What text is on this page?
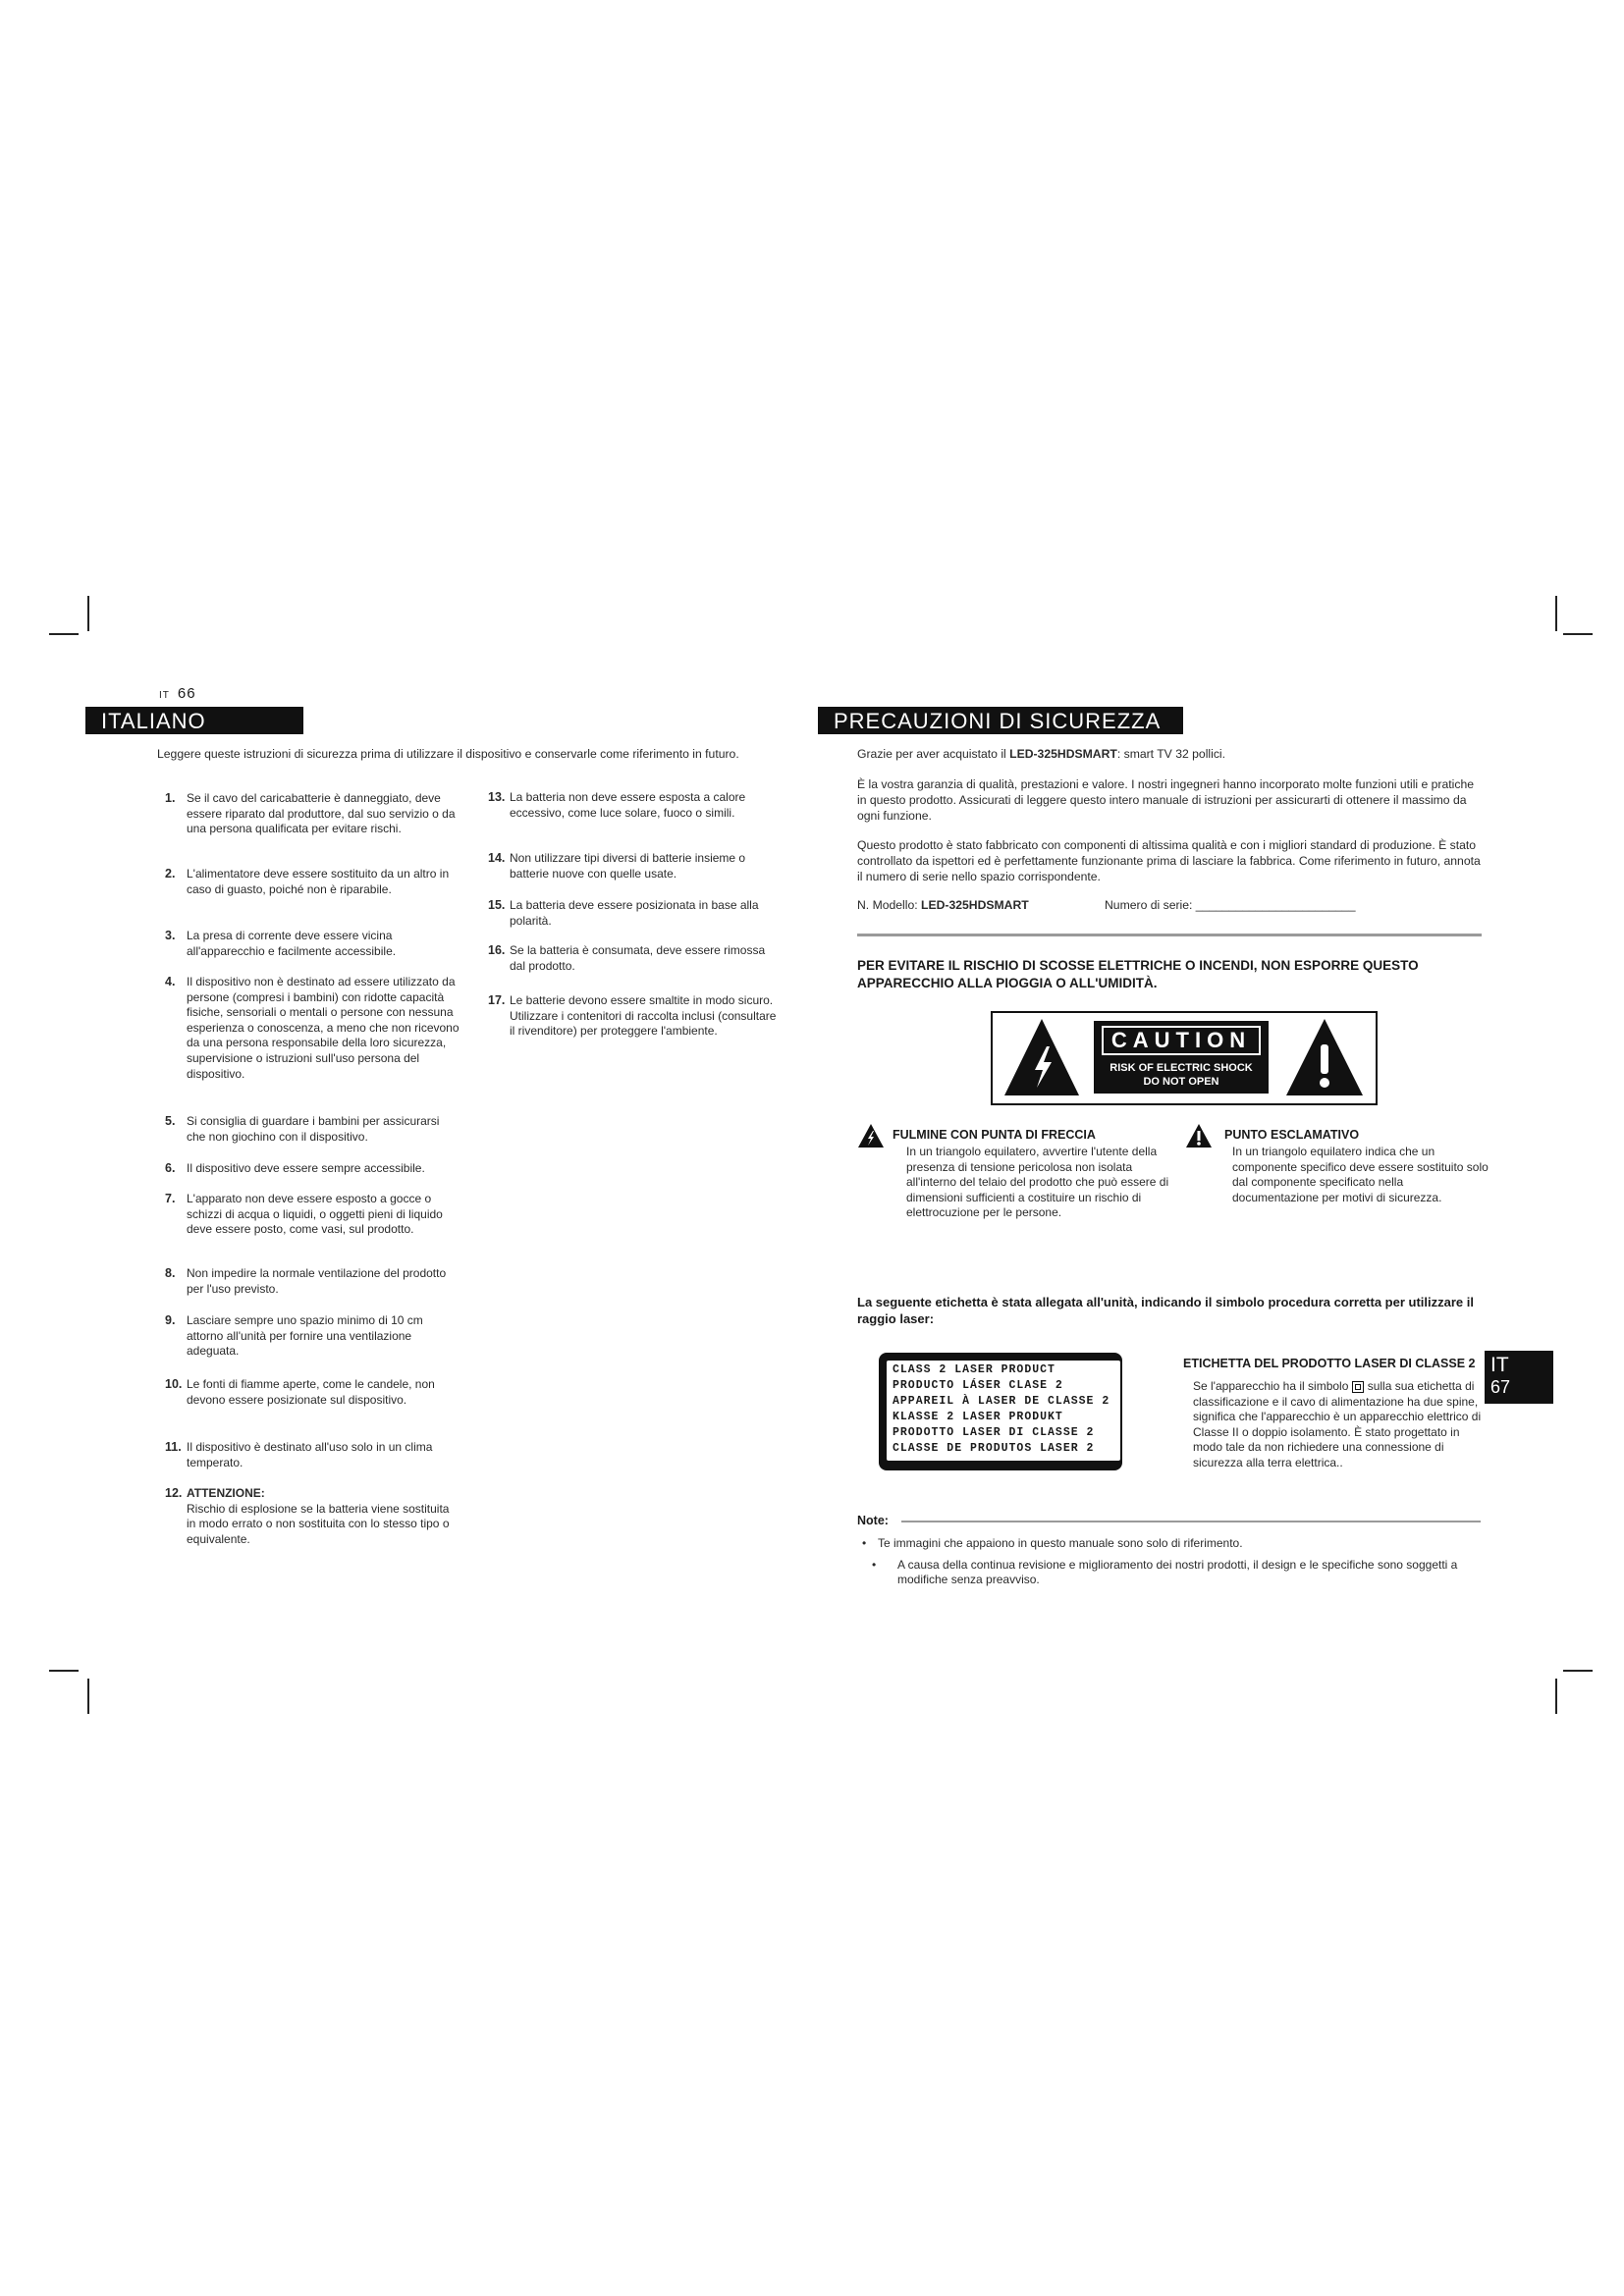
IT 66
ITALIANO
Leggere queste istruzioni di sicurezza prima di utilizzare il dispositivo e conservarle come riferimento in futuro.
1. Se il cavo del caricabatterie è danneggiato, deve essere riparato dal produttore, dal suo servizio o da una persona qualificata per evitare rischi.
2. L'alimentatore deve essere sostituito da un altro in caso di guasto, poiché non è riparabile.
3. La presa di corrente deve essere vicina all'apparecchio e facilmente accessibile.
4. Il dispositivo non è destinato ad essere utilizzato da persone (compresi i bambini) con ridotte capacità fisiche, sensoriali o mentali o persone con nessuna esperienza o conoscenza, a meno che non ricevono da una persona responsabile della loro sicurezza, supervisione o istruzioni sull'uso persona del dispositivo.
5. Si consiglia di guardare i bambini per assicurarsi che non giochino con il dispositivo.
6. Il dispositivo deve essere sempre accessibile.
7. L'apparato non deve essere esposto a gocce o schizzi di acqua o liquidi, o oggetti pieni di liquido deve essere posto, come vasi, sul prodotto.
8. Non impedire la normale ventilazione del prodotto per l'uso previsto.
9. Lasciare sempre uno spazio minimo di 10 cm attorno all'unità per fornire una ventilazione adeguata.
10. Le fonti di fiamme aperte, come le candele, non devono essere posizionate sul dispositivo.
11. Il dispositivo è destinato all'uso solo in un clima temperato.
12. ATTENZIONE:
Rischio di esplosione se la batteria viene sostituita in modo errato o non sostituita con lo stesso tipo o equivalente.
13. La batteria non deve essere esposta a calore eccessivo, come luce solare, fuoco o simili.
14. Non utilizzare tipi diversi di batterie insieme o batterie nuove con quelle usate.
15. La batteria deve essere posizionata in base alla polarità.
16. Se la batteria è consumata, deve essere rimossa dal prodotto.
17. Le batterie devono essere smaltite in modo sicuro. Utilizzare i contenitori di raccolta inclusi (consultare il rivenditore) per proteggere l'ambiente.
PRECAUZIONI DI SICUREZZA
Grazie per aver acquistato il LED-325HDSMART: smart TV 32 pollici.
È la vostra garanzia di qualità, prestazioni e valore. I nostri ingegneri hanno incorporato molte funzioni utili e pratiche in questo prodotto. Assicurati di leggere questo intero manuale di istruzioni per assicurarti di ottenere il massimo da ogni funzione.
Questo prodotto è stato fabbricato con componenti di altissima qualità e con i migliori standard di produzione. È stato controllato da ispettori ed è perfettamente funzionante prima di lasciare la fabbrica. Come riferimento in futuro, annota il numero di serie nello spazio corrispondente.
N. Modello: LED-325HDSMART	Numero di serie: ________________________
PER EVITARE IL RISCHIO DI SCOSSE ELETTRICHE O INCENDI, NON ESPORRE QUESTO APPARECCHIO ALLA PIOGGIA O ALL'UMIDITÀ.
CAUTION
RISK OF ELECTRIC SHOCK
DO NOT OPEN
FULMINE CON PUNTA DI FRECCIA
In un triangolo equilatero, avvertire l'utente della presenza di tensione pericolosa non isolata all'interno del telaio del prodotto che può essere di dimensioni sufficienti a costituire un rischio di elettrocuzione per le persone.
PUNTO ESCLAMATIVO
In un triangolo equilatero indica che un componente specifico deve essere sostituito solo dal componente specificato nella documentazione per motivi di sicurezza.
La seguente etichetta è stata allegata all'unità, indicando il simbolo procedura corretta per utilizzare il raggio laser:
CLASS 2 LASER PRODUCT
PRODUCTO LÁSER CLASE 2
APPAREIL À LASER DE CLASSE 2
KLASSE 2 LASER PRODUKT
PRODOTTO LASER DI CLASSE 2
CLASSE DE PRODUTOS LASER 2
ETICHETTA DEL PRODOTTO LASER DI CLASSE 2
Se l'apparecchio ha il simbolo
sulla sua etichetta di classificazione e il cavo di alimentazione ha due spine, significa che l'apparecchio è un apparecchio elettrico di Classe II o doppio isolamento. È stato progettato in modo tale da non richiedere una connessione di sicurezza alla terra elettrica..
IT
67
Note:
• Te immagini che appaiono in questo manuale sono solo di riferimento.
• A causa della continua revisione e miglioramento dei nostri prodotti, il design e le specifiche sono soggetti a modifiche senza preavviso.
